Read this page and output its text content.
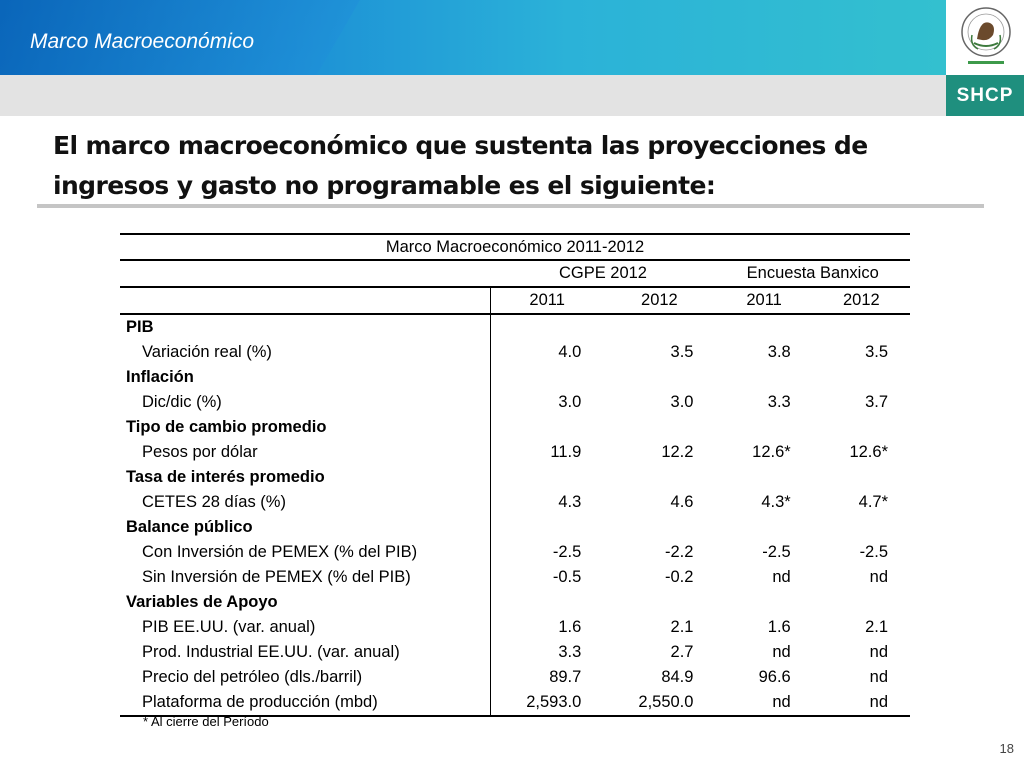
Marco Macroeconómico
SHCP
El marco macroeconómico que sustenta las proyecciones de ingresos y gasto no programable es el siguiente:
Marco Macroeconómico 2011-2012				
	CGPE 2012		Encuesta Banxico	
	2011	2012	2011	2012
PIB				
Variación real (%)	4.0	3.5	3.8	3.5
Inflación				
Dic/dic (%)	3.0	3.0	3.3	3.7
Tipo de cambio promedio				
Pesos por dólar	11.9	12.2	12.6*	12.6*
Tasa de interés promedio				
CETES 28 días (%)	4.3	4.6	4.3*	4.7*
Balance público				
Con Inversión de PEMEX (% del PIB)	-2.5	-2.2	-2.5	-2.5
Sin Inversión de PEMEX (% del PIB)	-0.5	-0.2	nd	nd
Variables de Apoyo				
PIB EE.UU. (var. anual)	1.6	2.1	1.6	2.1
Prod. Industrial EE.UU. (var. anual)	3.3	2.7	nd	nd
Precio del petróleo (dls./barril)	89.7	84.9	96.6	nd
Plataforma de producción (mbd)	2,593.0	2,550.0	nd	nd
* Al cierre del Período
18
